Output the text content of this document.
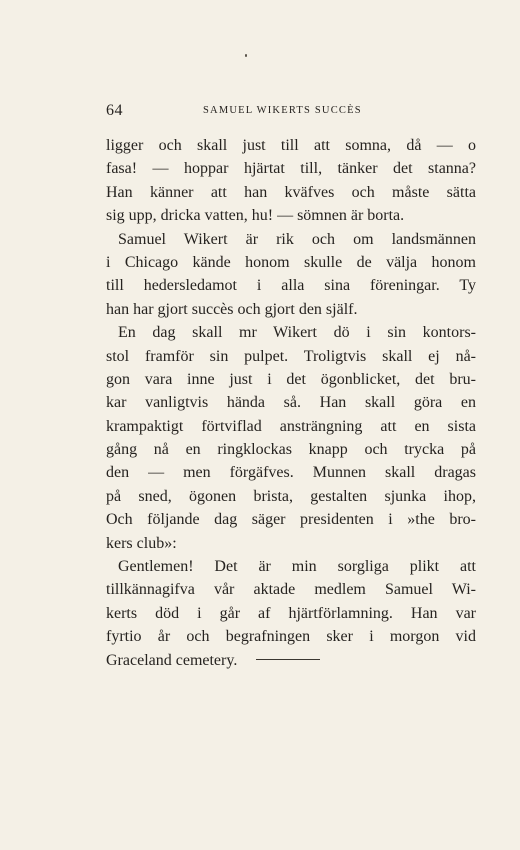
64	SAMUEL WIKERTS SUCCÈS
ligger och skall just till att somna, då — o
fasa! — hoppar hjärtat till, tänker det stanna?
Han känner att han kväfves och måste sätta
sig upp, dricka vatten, hu! — sömnen är borta.
Samuel Wikert är rik och om landsmännen
i Chicago kände honom skulle de välja honom
till hedersledamot i alla sina föreningar. Ty
han har gjort succès och gjort den själf.
En dag skall mr Wikert dö i sin kontors-
stol framför sin pulpet. Troligtvis skall ej nå-
gon vara inne just i det ögonblicket, det bru-
kar vanligtvis hända så. Han skall göra en
krampaktigt förtviflad ansträngning att en sista
gång nå en ringklockas knapp och trycka på
den — men förgäfves. Munnen skall dragas
på sned, ögonen brista, gestalten sjunka ihop,
Och följande dag säger presidenten i »the bro-
kers club»:
Gentlemen! Det är min sorgliga plikt att
tillkännagifva vår aktade medlem Samuel Wi-
kerts död i går af hjärtförlamning. Han var
fyrtio år och begrafningen sker i morgon vid
Graceland cemetery.
